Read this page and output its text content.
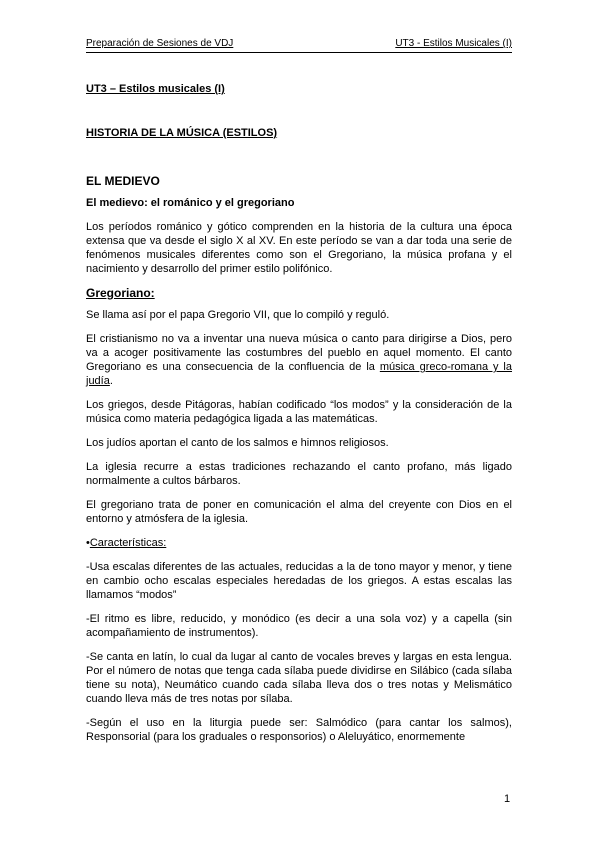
Preparación de Sesiones de VDJ	UT3 - Estilos Musicales (I)

UT3 – Estilos musicales (I)

HISTORIA DE LA MÚSICA (ESTILOS)

EL MEDIEVO

El medievo: el románico y el gregoriano

Los períodos románico y gótico comprenden en la historia de la cultura una época extensa que va desde el siglo X al XV. En este período se van a dar toda una serie de fenómenos musicales diferentes como son el Gregoriano, la música profana y el nacimiento y desarrollo del primer estilo polifónico.

Gregoriano:

Se llama así por el papa Gregorio VII, que lo compiló y reguló.

El cristianismo no va a inventar una nueva música o canto para dirigirse a Dios, pero va a acoger positivamente las costumbres del pueblo en aquel momento. El canto Gregoriano es una consecuencia de la confluencia de la música greco-romana y la judía.

Los griegos, desde Pitágoras, habían codificado “los modos” y la consideración de la música como materia pedagógica ligada a las matemáticas.

Los judíos aportan el canto de los salmos e himnos religiosos.

La iglesia recurre a estas tradiciones rechazando el canto profano, más ligado normalmente a cultos bárbaros.

El gregoriano trata de poner en comunicación el alma del creyente con Dios en el entorno y atmósfera de la iglesia.

•Características:

-Usa escalas diferentes de las actuales, reducidas a la de tono mayor y menor, y tiene en cambio ocho escalas especiales heredadas de los griegos. A estas escalas las llamamos “modos”

-El ritmo es libre, reducido, y monódico (es decir a una sola voz) y a capella (sin acompañamiento de instrumentos).

-Se canta en latín, lo cual da lugar al canto de vocales breves y largas en esta lengua. Por el número de notas que tenga cada sílaba puede dividirse en Silábico (cada sílaba tiene su nota), Neumático cuando cada sílaba lleva dos o tres notas y Melismático cuando lleva más de tres notas por sílaba.

-Según el uso en la liturgia puede ser: Salmódico (para cantar los salmos), Responsorial (para los graduales o responsorios) o Aleluyático, enormemente

1
